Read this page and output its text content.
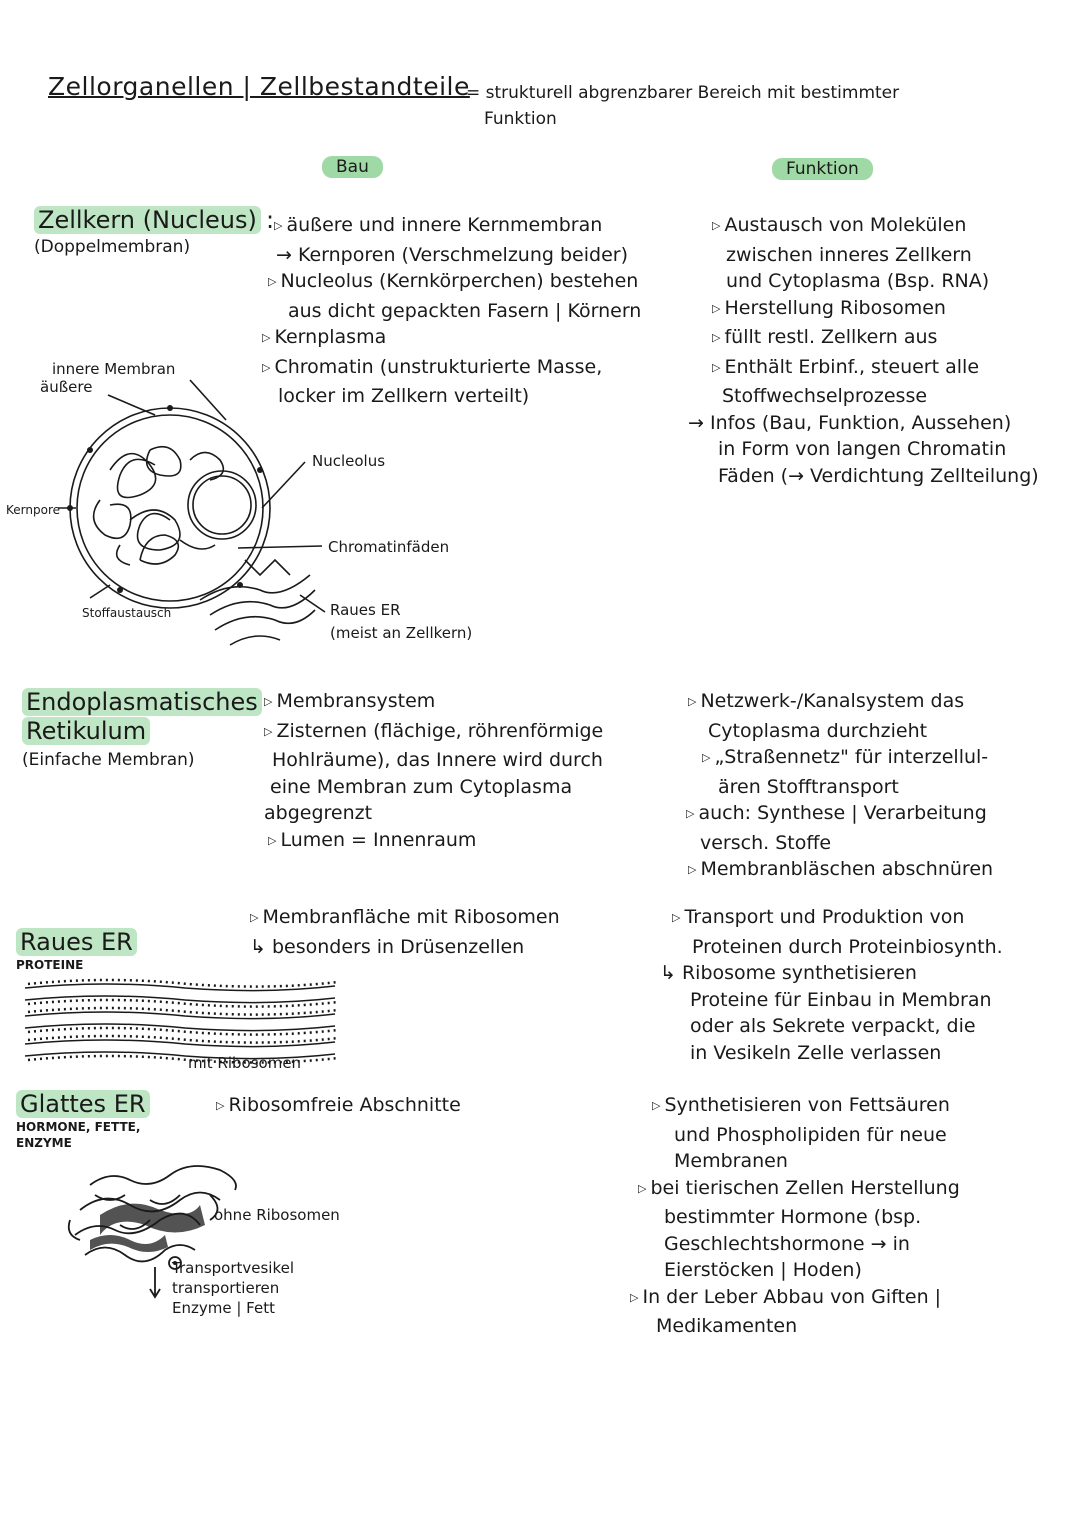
Zellorganellen | Zellbestandteile
= strukturell abgrenzbarer Bereich mit bestimmter
Funktion
Bau	Funktion
Zellkern (Nucleus) :
(Doppelmembran)
▷ äußere und innere Kernmembran
→ Kernporen (Verschmelzung beider)
▷ Nucleolus (Kernkörperchen) bestehen
aus dicht gepackten Fasern | Körnern
▷ Kernplasma
▷ Chromatin (unstrukturierte Masse,
locker im Zellkern verteilt)
▷ Austausch von Molekülen
zwischen inneres Zellkern
und Cytoplasma (Bsp. RNA)
▷ Herstellung Ribosomen
▷ füllt restl. Zellkern aus
▷ Enthält Erbinf., steuert alle
Stoffwechselprozesse
→ Infos (Bau, Funktion, Aussehen)
in Form von langen Chromatin
Fäden (→ Verdichtung Zellteilung)
innere Membran
äußere
Kernpore
Stoffaustausch
Nucleolus
Chromatinfäden
Raues ER
(meist an Zellkern)
Endoplasmatisches
Retikulum
(Einfache Membran)
▷ Membransystem
▷ Zisternen (flächige, röhrenförmige
Hohlräume), das Innere wird durch
eine Membran zum Cytoplasma
abgegrenzt
▷ Lumen = Innenraum
▷ Netzwerk-/Kanalsystem das
Cytoplasma durchzieht
▷ „Straßennetz" für interzellul-
ären Stofftransport
▷ auch: Synthese | Verarbeitung
versch. Stoffe
▷ Membranbläschen abschnüren
Raues ER
PROTEINE
▷ Membranfläche mit Ribosomen
↳ besonders in Drüsenzellen
▷ Transport und Produktion von
Proteinen durch Proteinbiosynth.
↳ Ribosome synthetisieren
Proteine für Einbau in Membran
oder als Sekrete verpackt, die
in Vesikeln Zelle verlassen
mit Ribosomen
Glattes ER
HORMONE, FETTE,
ENZYME
▷ Ribosomfreie Abschnitte	▷ Synthetisieren von Fettsäuren
und Phospholipiden für neue
Membranen
▷ bei tierischen Zellen Herstellung
bestimmter Hormone (bsp.
Geschlechtshormone → in
Eierstöcken | Hoden)
▷ In der Leber Abbau von Giften |
Medikamenten
ohne Ribosomen
Transportvesikel
transportieren
Enzyme | Fett
